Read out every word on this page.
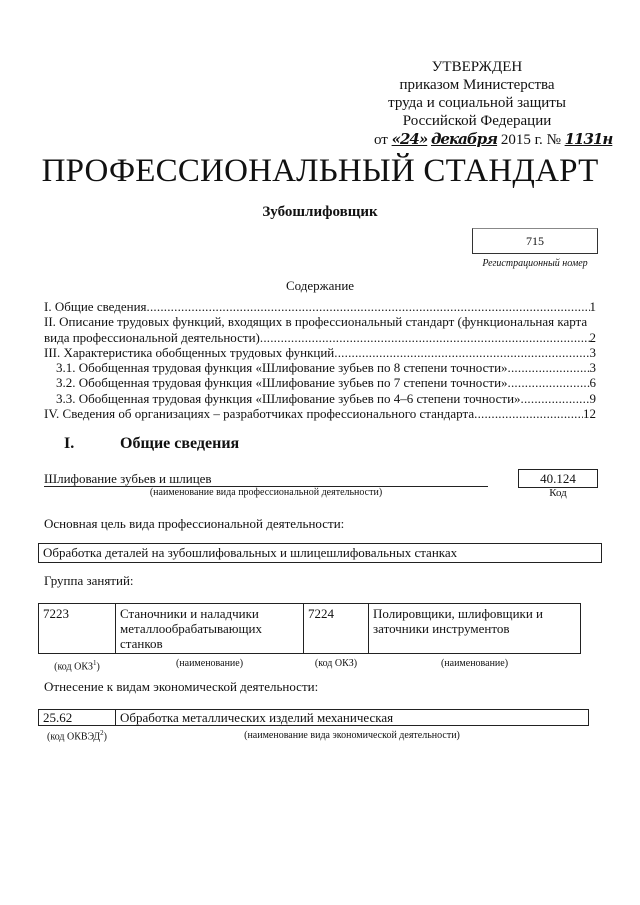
УТВЕРЖДЕН
приказом Министерства
труда и социальной защиты
Российской Федерации
от «24» декабря 2015 г. № 1131н
ПРОФЕССИОНАЛЬНЫЙ СТАНДАРТ
Зубошлифовщик
715
Регистрационный номер
Содержание
I. Общие сведения .....	1
II. Описание трудовых функций, входящих в профессиональный стандарт (функциональная карта
вида профессиональной деятельности) .....	2
III. Характеристика обобщенных трудовых функций .....	3
3.1. Обобщенная трудовая функция «Шлифование зубьев по 8 степени точности» .....	3
3.2. Обобщенная трудовая функция «Шлифование зубьев по 7 степени точности» .....	6
3.3. Обобщенная трудовая функция «Шлифование зубьев по 4–6 степени точности» .....	9
IV. Сведения об организациях – разработчиках профессионального стандарта .....	12
I.	Общие сведения
Шлифование зубьев и шлицев
(наименование вида профессиональной деятельности)
40.124
Код
Основная цель вида профессиональной деятельности:
Обработка деталей на зубошлифовальных и шлицешлифовальных станках
Группа занятий:
7223	Станочники и наладчики металлообрабатывающих станков	7224	Полировщики, шлифовщики и заточники инструментов
(код ОКЗ$^1$)	(наименование)	(код ОКЗ)	(наименование)
Отнесение к видам экономической деятельности:
25.62	Обработка металлических изделий механическая
(код ОКВЭД$^2$)	(наименование вида экономической деятельности)
